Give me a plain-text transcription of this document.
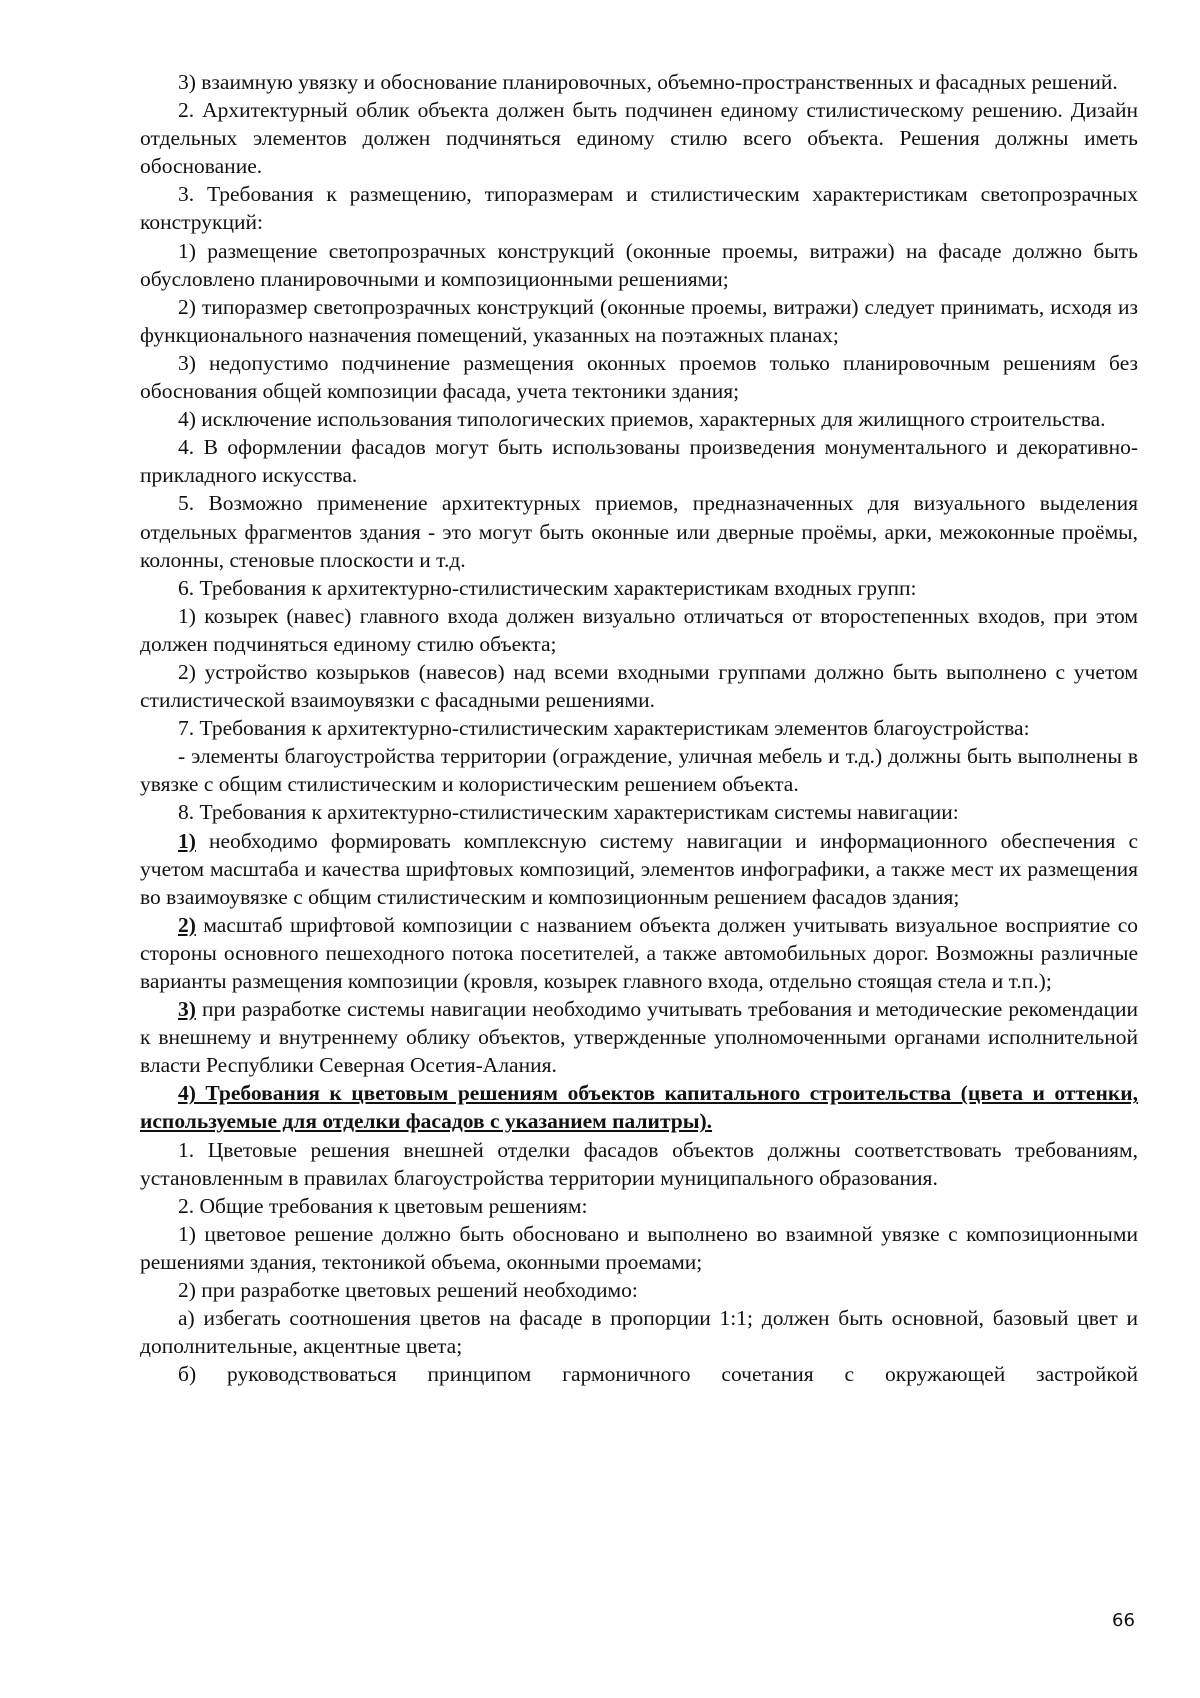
3) взаимную увязку и обоснование планировочных, объемно-пространственных и фасадных решений.

2. Архитектурный облик объекта должен быть подчинен единому стилистическому решению. Дизайн отдельных элементов должен подчиняться единому стилю всего объекта. Решения должны иметь обоснование.

3. Требования к размещению, типоразмерам и стилистическим характеристикам светопрозрачных конструкций:

1) размещение светопрозрачных конструкций (оконные проемы, витражи) на фасаде должно быть обусловлено планировочными и композиционными решениями;

2) типоразмер светопрозрачных конструкций (оконные проемы, витражи) следует принимать, исходя из функционального назначения помещений, указанных на поэтажных планах;

3) недопустимо подчинение размещения оконных проемов только планировочным решениям без обоснования общей композиции фасада, учета тектоники здания;

4) исключение использования типологических приемов, характерных для жилищного строительства.

4. В оформлении фасадов могут быть использованы произведения монументального и декоративно-прикладного искусства.

5. Возможно применение архитектурных приемов, предназначенных для визуального выделения отдельных фрагментов здания - это могут быть оконные или дверные проёмы, арки, межоконные проёмы, колонны, стеновые плоскости и т.д.

6. Требования к архитектурно-стилистическим характеристикам входных групп:

1) козырек (навес) главного входа должен визуально отличаться от второстепенных входов, при этом должен подчиняться единому стилю объекта;

2) устройство козырьков (навесов) над всеми входными группами должно быть выполнено с учетом стилистической взаимоувязки с фасадными решениями.

7. Требования к архитектурно-стилистическим характеристикам элементов благоустройства:

- элементы благоустройства территории (ограждение, уличная мебель и т.д.) должны быть выполнены в увязке с общим стилистическим и колористическим решением объекта.

8. Требования к архитектурно-стилистическим характеристикам системы навигации:

1) необходимо формировать комплексную систему навигации и информационного обеспечения с учетом масштаба и качества шрифтовых композиций, элементов инфографики, а также мест их размещения во взаимоувязке с общим стилистическим и композиционным решением фасадов здания;

2) масштаб шрифтовой композиции с названием объекта должен учитывать визуальное восприятие со стороны основного пешеходного потока посетителей, а также автомобильных дорог. Возможны различные варианты размещения композиции (кровля, козырек главного входа, отдельно стоящая стела и т.п.);

3) при разработке системы навигации необходимо учитывать требования и методические рекомендации к внешнему и внутреннему облику объектов, утвержденные уполномоченными органами исполнительной власти Республики Северная Осетия-Алания.

4) Требования к цветовым решениям объектов капитального строительства (цвета и оттенки, используемые для отделки фасадов с указанием палитры).

1. Цветовые решения внешней отделки фасадов объектов должны соответствовать требованиям, установленным в правилах благоустройства территории муниципального образования.

2. Общие требования к цветовым решениям:

1) цветовое решение должно быть обосновано и выполнено во взаимной увязке с композиционными решениями здания, тектоникой объема, оконными проемами;

2) при разработке цветовых решений необходимо:

а) избегать соотношения цветов на фасаде в пропорции 1:1; должен быть основной, базовый цвет и дополнительные, акцентные цвета;

б) руководствоваться принципом гармоничного сочетания с окружающей застройкой

66
